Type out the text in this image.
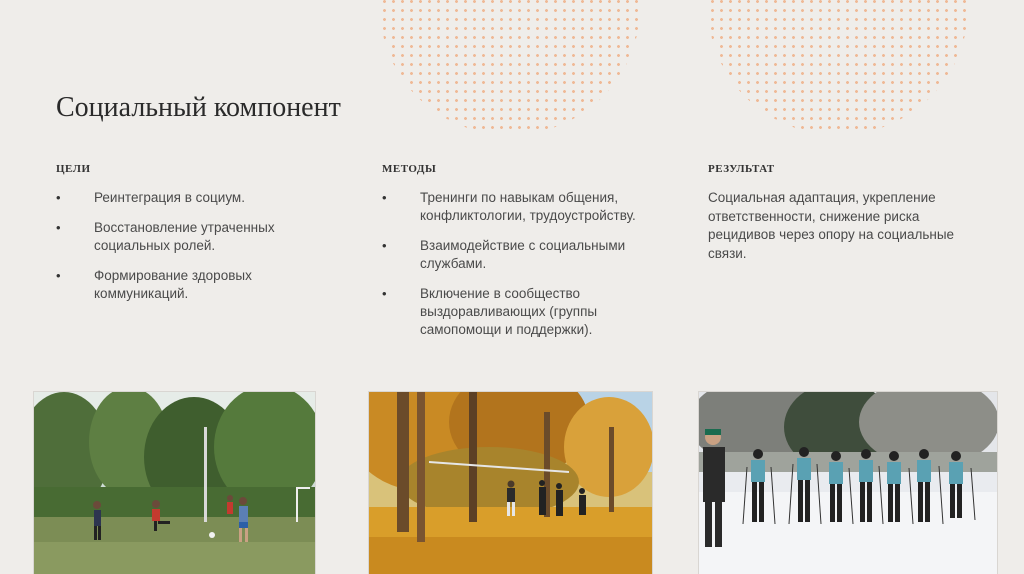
Социальный компонент
ЦЕЛИ
• Реинтеграция в социум.
• Восстановление утраченных социальных ролей.
• Формирование здоровых коммуникаций.
МЕТОДЫ
• Тренинги по навыкам общения, конфликтологии, трудоустройству.
• Взаимодействие с социальными службами.
• Включение в сообщество выздоравливающих (группы самопомощи и поддержки).
РЕЗУЛЬТАТ

Социальная адаптация, укрепление ответственности, снижение риска рецидивов через опору на социальные связи.
